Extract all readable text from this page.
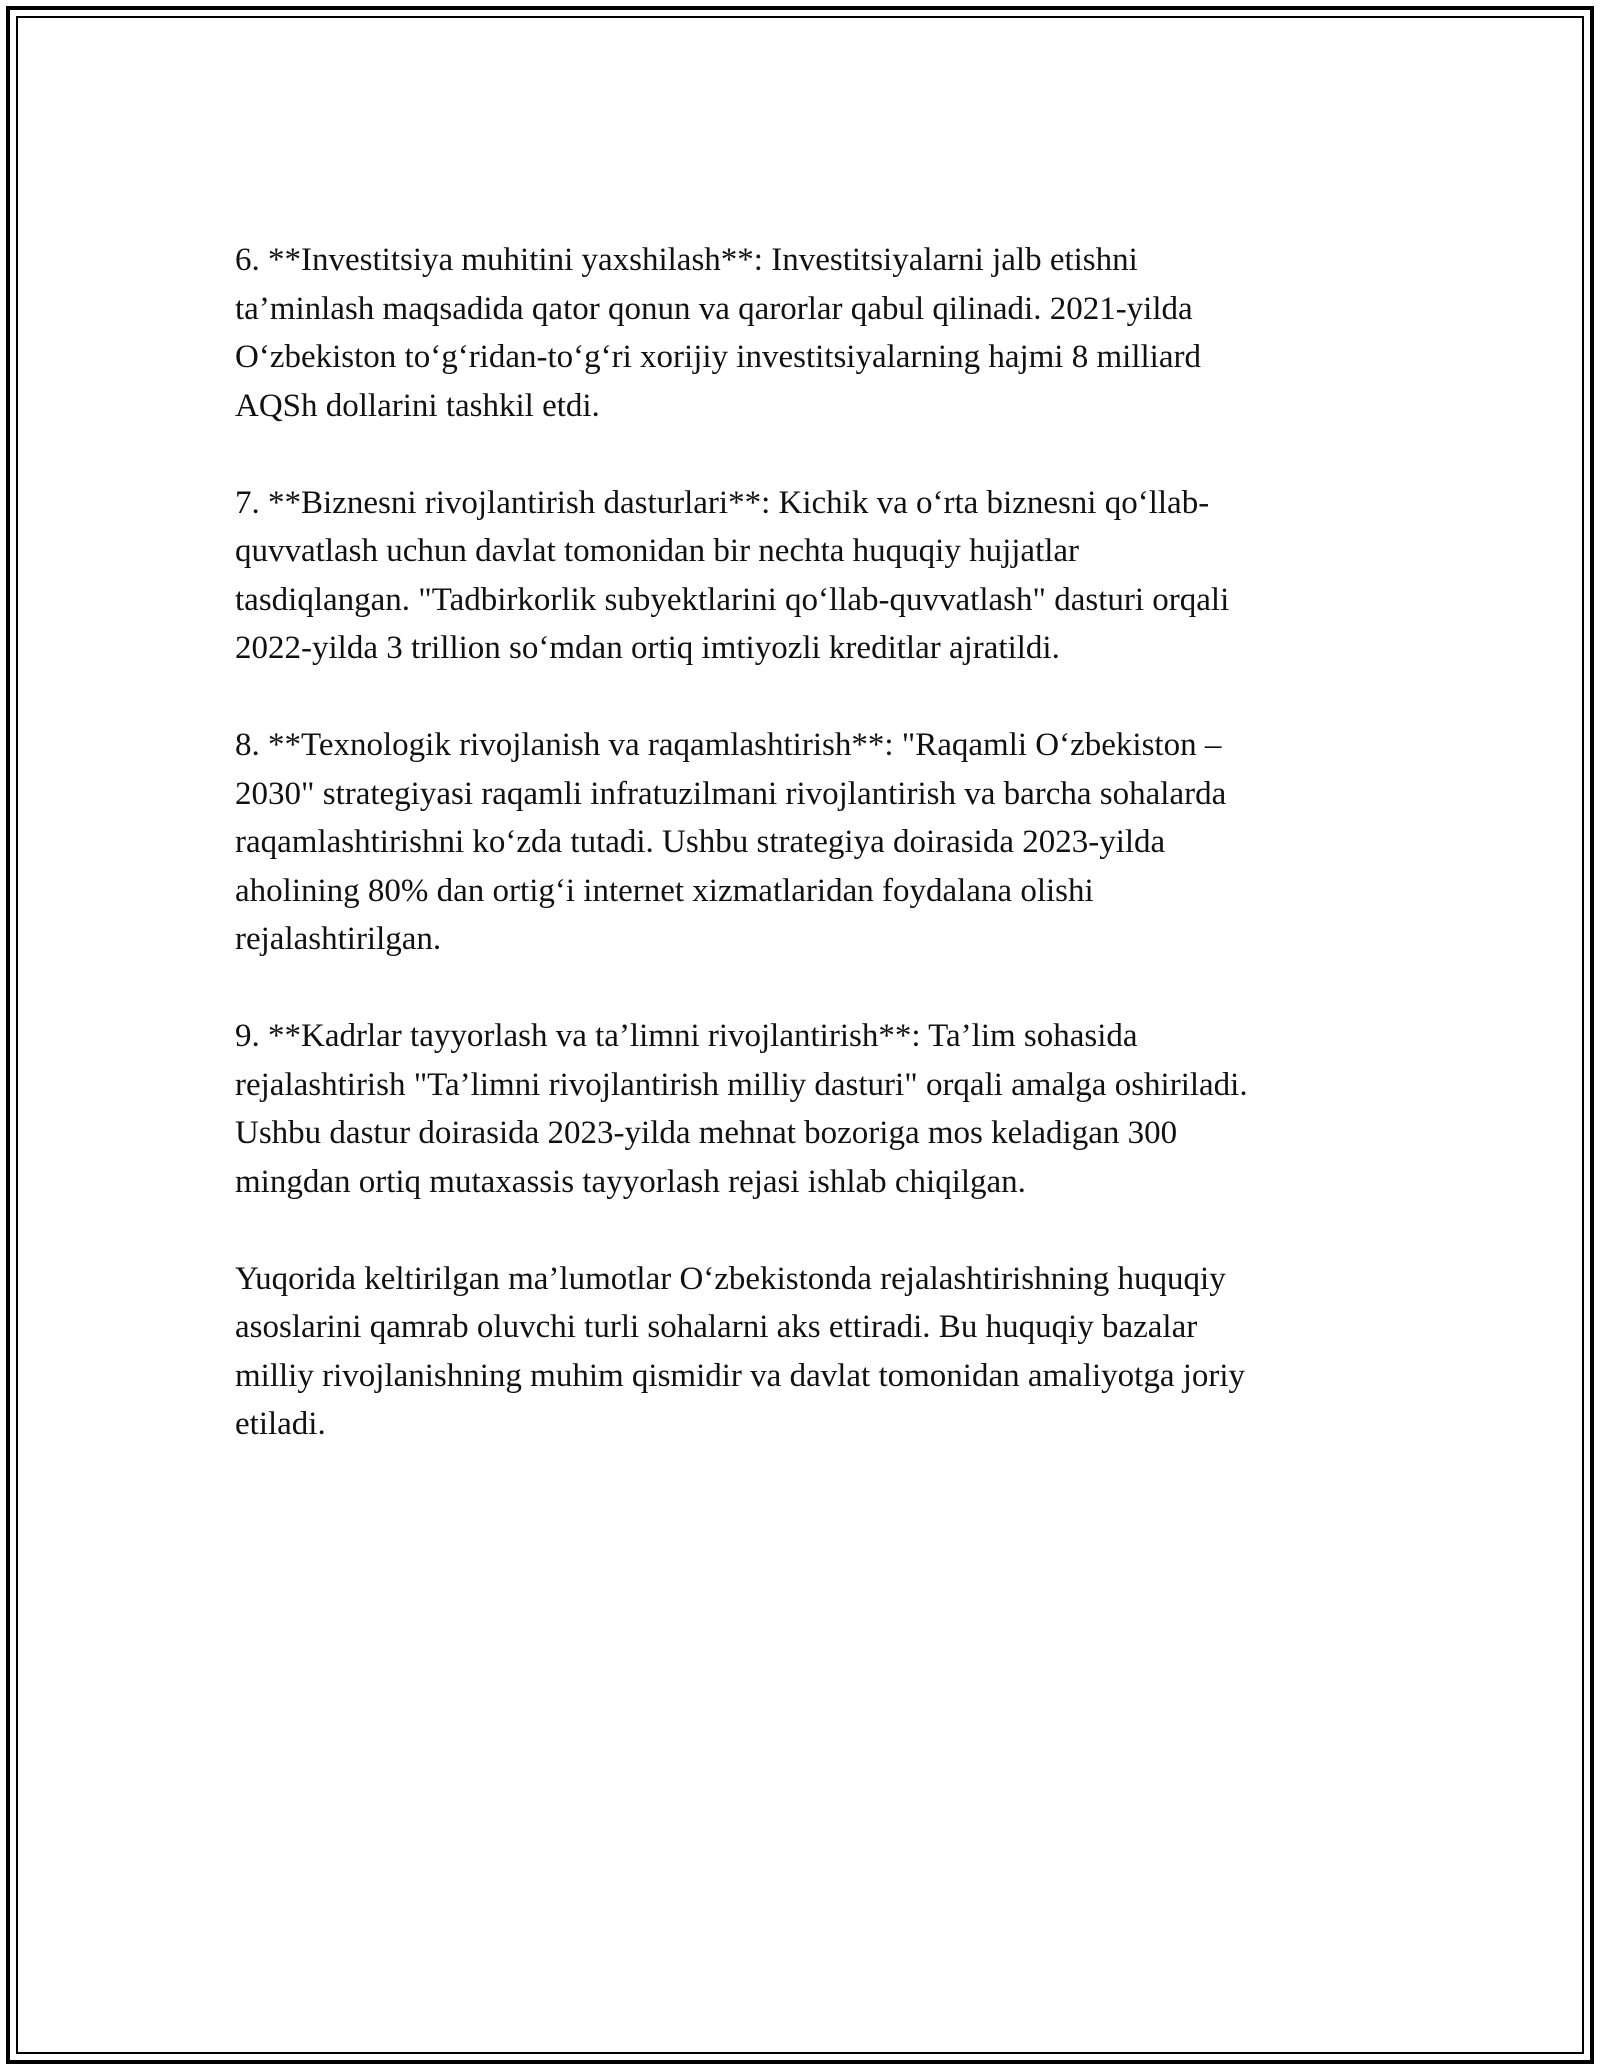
6. **Investitsiya muhitini yaxshilash**: Investitsiyalarni jalb etishni
ta’minlash maqsadida qator qonun va qarorlar qabul qilinadi. 2021-yilda
O‘zbekiston to‘g‘ridan-to‘g‘ri xorijiy investitsiyalarning hajmi 8 milliard
AQSh dollarini tashkil etdi.

7. **Biznesni rivojlantirish dasturlari**: Kichik va o‘rta biznesni qo‘llab-
quvvatlash uchun davlat tomonidan bir nechta huquqiy hujjatlar
tasdiqlangan. "Tadbirkorlik subyektlarini qo‘llab-quvvatlash" dasturi orqali
2022-yilda 3 trillion so‘mdan ortiq imtiyozli kreditlar ajratildi.

8. **Texnologik rivojlanish va raqamlashtirish**: "Raqamli O‘zbekiston –
2030" strategiyasi raqamli infratuzilmani rivojlantirish va barcha sohalarda
raqamlashtirishni ko‘zda tutadi. Ushbu strategiya doirasida 2023-yilda
aholining 80% dan ortig‘i internet xizmatlaridan foydalana olishi
rejalashtirilgan.

9. **Kadrlar tayyorlash va ta’limni rivojlantirish**: Ta’lim sohasida
rejalashtirish "Ta’limni rivojlantirish milliy dasturi" orqali amalga oshiriladi.
Ushbu dastur doirasida 2023-yilda mehnat bozoriga mos keladigan 300
mingdan ortiq mutaxassis tayyorlash rejasi ishlab chiqilgan.

Yuqorida keltirilgan ma’lumotlar O‘zbekistonda rejalashtirishning huquqiy
asoslarini qamrab oluvchi turli sohalarni aks ettiradi. Bu huquqiy bazalar
milliy rivojlanishning muhim qismidir va davlat tomonidan amaliyotga joriy
etiladi.
